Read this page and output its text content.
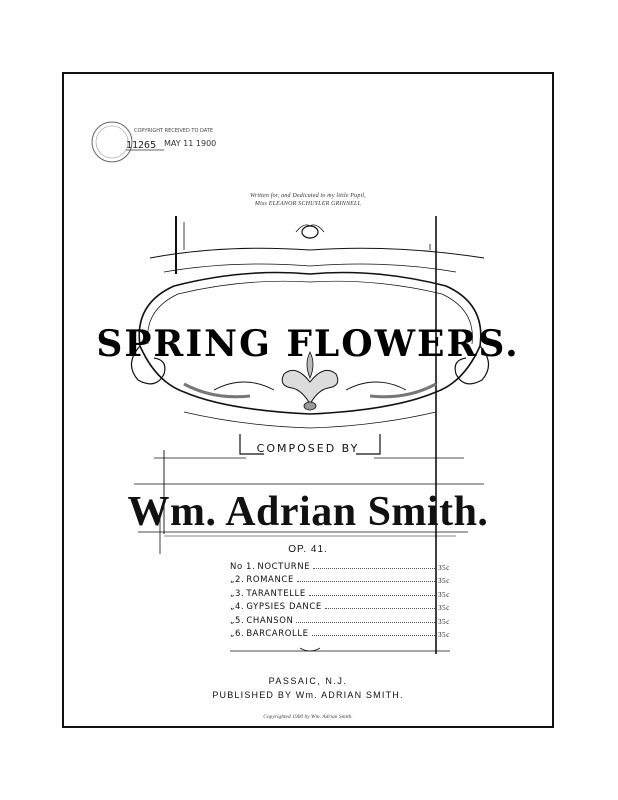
COPYRIGHT RECEIVED TO DATE
11265 MAY 11 1900
Written for, and Dedicated to my little Pupil,
Miss ELEANOR SCHUYLER GRINNELL
SPRING FLOWERS.
COMPOSED BY
Wm. Adrian Smith.
OP. 41.
No 1. NOCTURNE	35c
„2. ROMANCE	35c
„3. TARANTELLE	35c
„4. GYPSIES DANCE	35c
„5. CHANSON	35c
„6. BARCAROLLE	35c
PASSAIC, N.J.
PUBLISHED BY Wm. ADRIAN SMITH.
Copyrighted 1900 by Wm. Adrian Smith.
